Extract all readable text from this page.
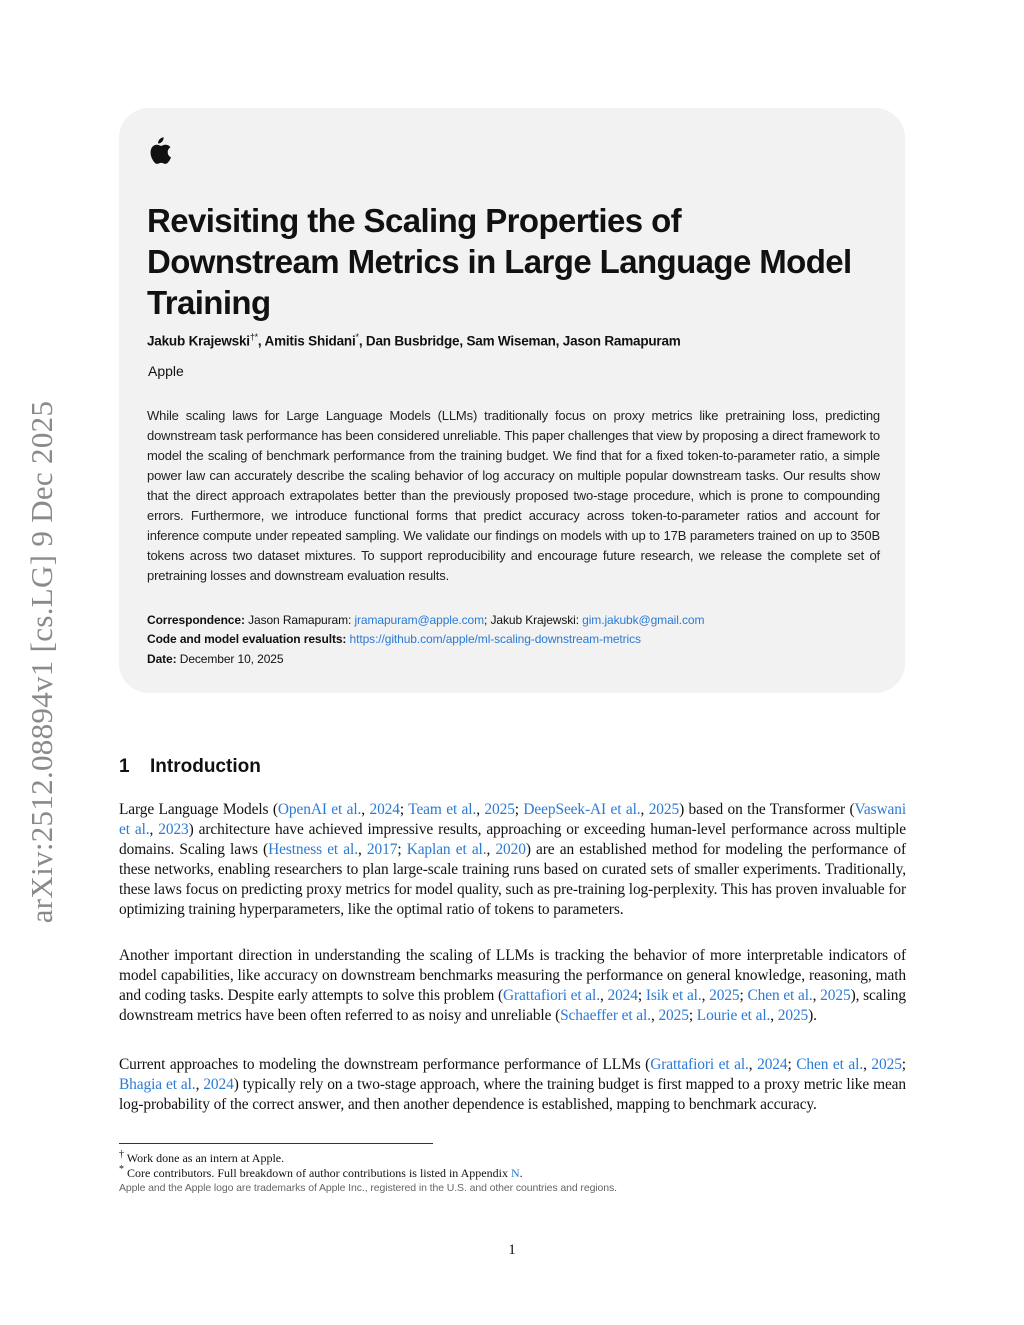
arXiv:2512.08894v1 [cs.LG] 9 Dec 2025
Revisiting the Scaling Properties of Downstream Metrics in Large Language Model Training
Jakub Krajewski†*, Amitis Shidani*, Dan Busbridge, Sam Wiseman, Jason Ramapuram
Apple

While scaling laws for Large Language Models (LLMs) traditionally focus on proxy metrics like pretraining loss, predicting downstream task performance has been considered unreliable. This paper challenges that view by proposing a direct framework to model the scaling of benchmark performance from the training budget. We find that for a fixed token-to-parameter ratio, a simple power law can accurately describe the scaling behavior of log accuracy on multiple popular downstream tasks. Our results show that the direct approach extrapolates better than the previously proposed two-stage procedure, which is prone to compounding errors. Furthermore, we introduce functional forms that predict accuracy across token-to-parameter ratios and account for inference compute under repeated sampling. We validate our findings on models with up to 17B parameters trained on up to 350B tokens across two dataset mixtures. To support reproducibility and encourage future research, we release the complete set of pretraining losses and downstream evaluation results.

Correspondence: Jason Ramapuram: jramapuram@apple.com; Jakub Krajewski: gim.jakubk@gmail.com
Code and model evaluation results: https://github.com/apple/ml-scaling-downstream-metrics
Date: December 10, 2025
1 Introduction

Large Language Models (OpenAI et al., 2024; Team et al., 2025; DeepSeek-AI et al., 2025) based on the Transformer (Vaswani et al., 2023) architecture have achieved impressive results, approaching or exceeding human-level performance across multiple domains. Scaling laws (Hestness et al., 2017; Kaplan et al., 2020) are an established method for modeling the performance of these networks, enabling researchers to plan large-scale training runs based on curated sets of smaller experiments. Traditionally, these laws focus on predicting proxy metrics for model quality, such as pre-training log-perplexity. This has proven invaluable for optimizing training hyperparameters, like the optimal ratio of tokens to parameters.

Another important direction in understanding the scaling of LLMs is tracking the behavior of more interpretable indicators of model capabilities, like accuracy on downstream benchmarks measuring the performance on general knowledge, reasoning, math and coding tasks. Despite early attempts to solve this problem (Grattafiori et al., 2024; Isik et al., 2025; Chen et al., 2025), scaling downstream metrics have been often referred to as noisy and unreliable (Schaeffer et al., 2025; Lourie et al., 2025).

Current approaches to modeling the downstream performance performance of LLMs (Grattafiori et al., 2024; Chen et al., 2025; Bhagia et al., 2024) typically rely on a two-stage approach, where the training budget is first mapped to a proxy metric like mean log-probability of the correct answer, and then another dependence is established, mapping to benchmark accuracy.

† Work done as an intern at Apple.
* Core contributors. Full breakdown of author contributions is listed in Appendix N.
Apple and the Apple logo are trademarks of Apple Inc., registered in the U.S. and other countries and regions.
1
